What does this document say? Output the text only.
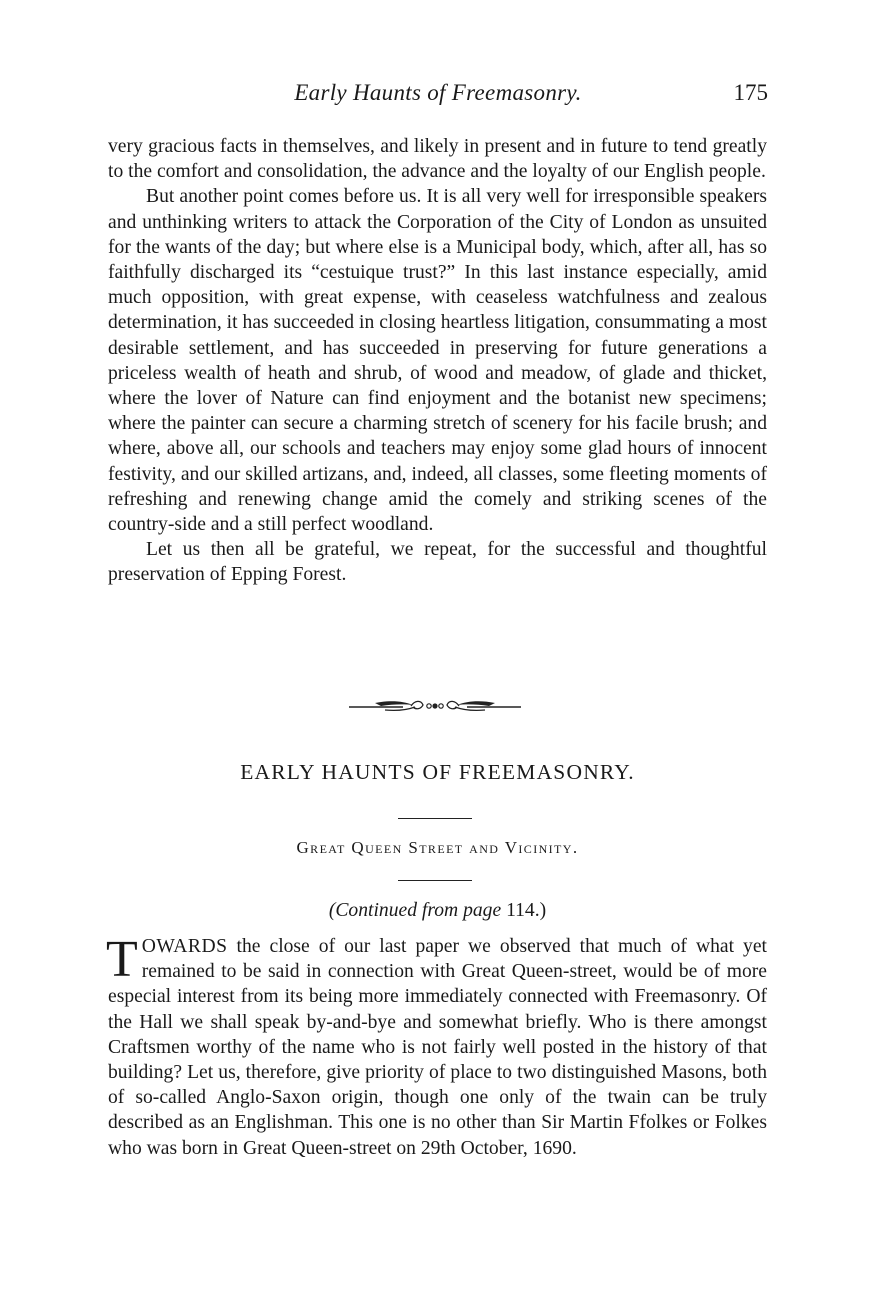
Early Haunts of Freemasonry.	175

very gracious facts in themselves, and likely in present and in future to tend greatly to the comfort and consolidation, the advance and the loyalty of our English people.

But another point comes before us. It is all very well for irresponsible speakers and unthinking writers to attack the Corporation of the City of London as unsuited for the wants of the day; but where else is a Municipal body, which, after all, has so faithfully discharged its “cestuique trust?” In this last instance especially, amid much opposition, with great expense, with ceaseless watchfulness and zealous determination, it has succeeded in closing heartless litigation, consummating a most desirable settlement, and has succeeded in preserving for future generations a priceless wealth of heath and shrub, of wood and meadow, of glade and thicket, where the lover of Nature can find enjoyment and the botanist new specimens; where the painter can secure a charming stretch of scenery for his facile brush; and where, above all, our schools and teachers may enjoy some glad hours of innocent festivity, and our skilled artizans, and, indeed, all classes, some fleeting moments of refreshing and renewing change amid the comely and striking scenes of the country-side and a still perfect woodland.

Let us then all be grateful, we repeat, for the successful and thoughtful preservation of Epping Forest.

EARLY HAUNTS OF FREEMASONRY.
Great Queen Street and Vicinity.
(Continued from page 114.)

TOWARDS the close of our last paper we observed that much of what yet remained to be said in connection with Great Queen-street, would be of more especial interest from its being more immediately connected with Freemasonry. Of the Hall we shall speak by-and-bye and somewhat briefly. Who is there amongst Craftsmen worthy of the name who is not fairly well posted in the history of that building? Let us, therefore, give priority of place to two distinguished Masons, both of so-called Anglo-Saxon origin, though one only of the twain can be truly described as an Englishman. This one is no other than Sir Martin Ffolkes or Folkes who was born in Great Queen-street on 29th October, 1690.
